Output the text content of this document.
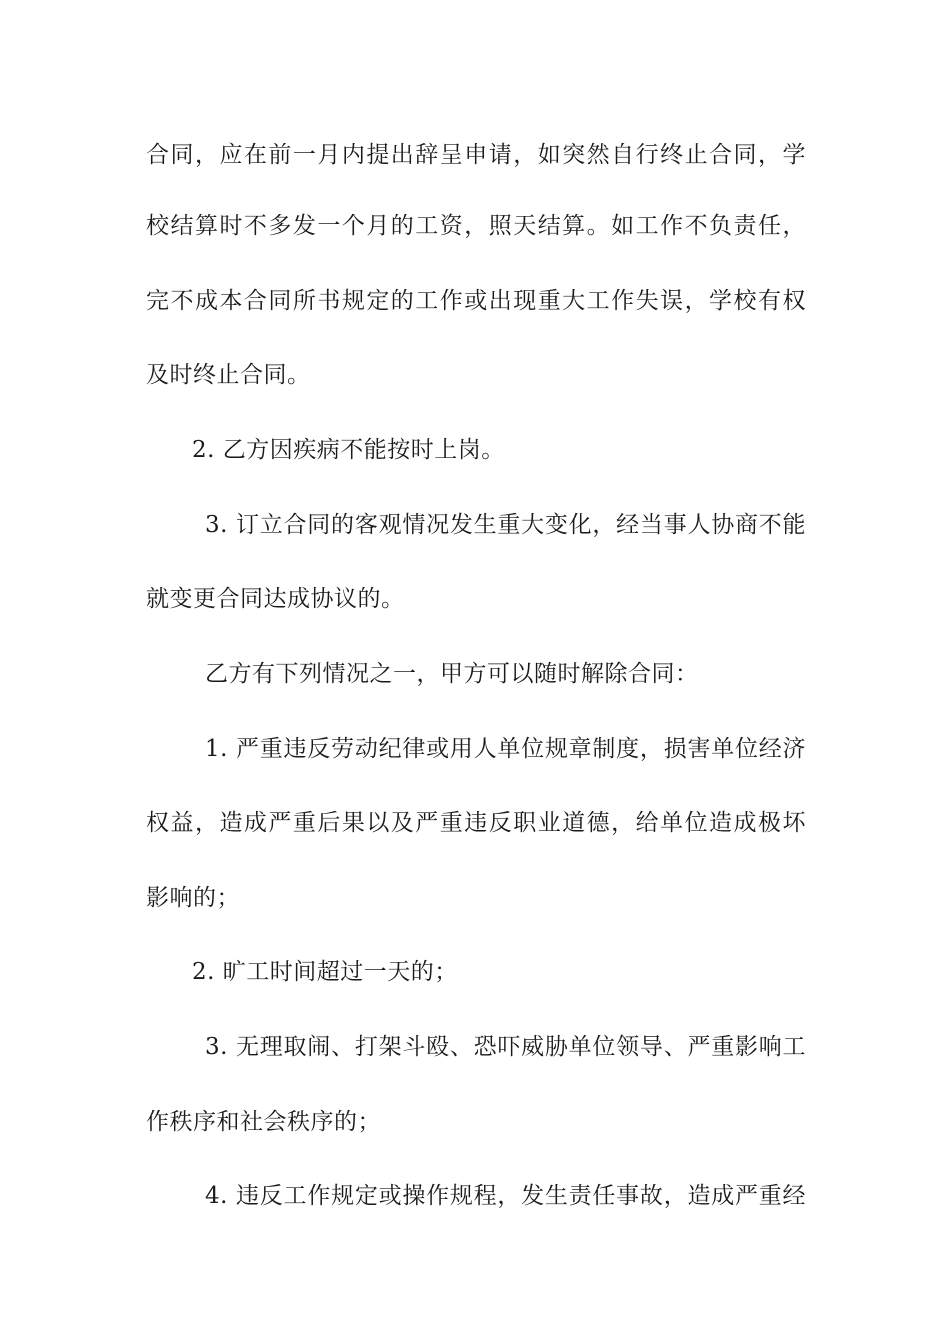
合同，应在前一月内提出辞呈申请，如突然自行终止合同，学
校结算时不多发一个月的工资，照天结算。如工作不负责任，
完不成本合同所书规定的工作或出现重大工作失误，学校有权
及时终止合同。
2. 乙方因疾病不能按时上岗。
3. 订立合同的客观情况发生重大变化，经当事人协商不能
就变更合同达成协议的。
乙方有下列情况之一，甲方可以随时解除合同：
1. 严重违反劳动纪律或用人单位规章制度，损害单位经济
权益，造成严重后果以及严重违反职业道德，给单位造成极坏
影响的；
2. 旷工时间超过一天的；
3. 无理取闹、打架斗殴、恐吓威胁单位领导、严重影响工
作秩序和社会秩序的；
4. 违反工作规定或操作规程，发生责任事故，造成严重经
